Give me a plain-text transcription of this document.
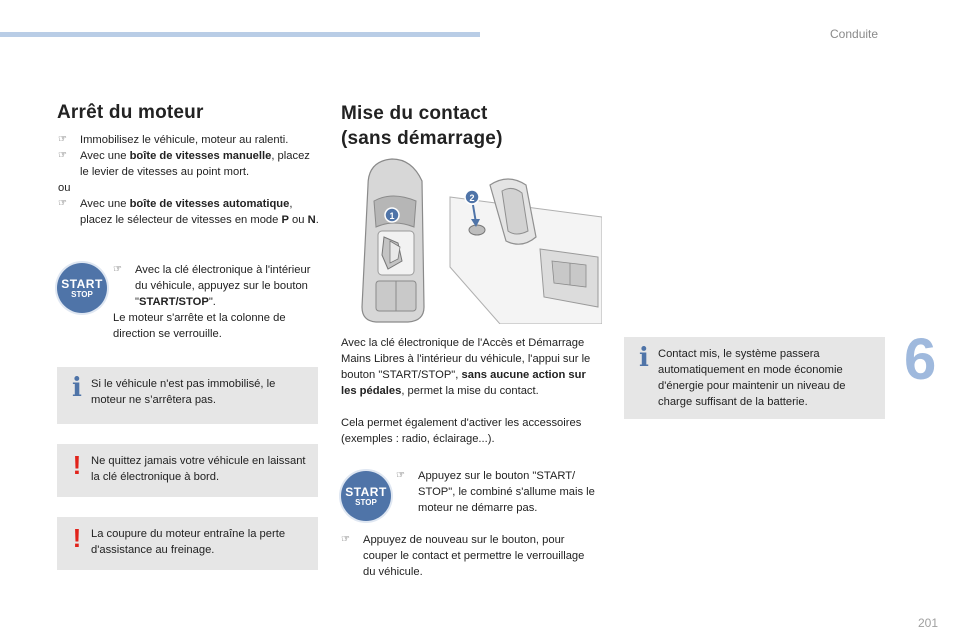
Conduite
6
201
Arrêt du moteur
☞	Immobilisez le véhicule, moteur au ralenti.
☞	Avec une boîte de vitesses manuelle, placez le levier de vitesses au point mort.
ou
☞	Avec une boîte de vitesses automatique, placez le sélecteur de vitesses en mode P ou N.
START
STOP
☞	Avec la clé électronique à l'intérieur du véhicule, appuyez sur le bouton "START/STOP".
Le moteur s'arrête et la colonne de direction se verrouille.
i Si le véhicule n'est pas immobilisé, le moteur ne s’arrêtera pas.
! Ne quittez jamais votre véhicule en laissant la clé électronique à bord.
! La coupure du moteur entraîne la perte d'assistance au freinage.
Mise du contact
(sans démarrage)
1
2
Avec la clé électronique de l'Accès et Démarrage Mains Libres à l'intérieur du véhicule, l'appui sur le bouton "START/STOP", sans aucune action sur les pédales, permet la mise du contact.
Cela permet également d'activer les accessoires (exemples : radio, éclairage...).
START
STOP
☞	Appuyez sur le bouton "START/ STOP", le combiné s'allume mais le moteur ne démarre pas.
☞	Appuyez de nouveau sur le bouton, pour couper le contact et permettre le verrouillage du véhicule.
i Contact mis, le système passera automatiquement en mode économie d'énergie pour maintenir un niveau de charge suffisant de la batterie.
